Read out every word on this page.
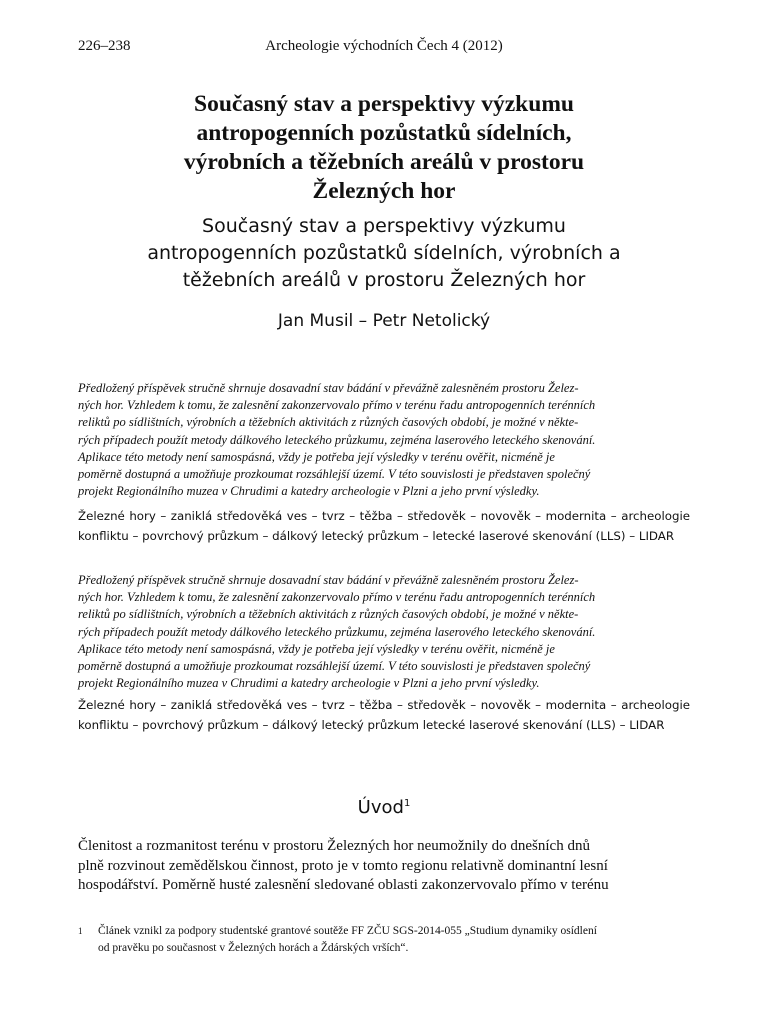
226–238	Archeologie východních Čech 4 (2012)
Současný stav a perspektivy výzkumu
antropogenních pozůstatků sídelních,
výrobních a těžebních areálů v prostoru
Železných hor
Současný stav a perspektivy výzkumu
antropogenních pozůstatků sídelních, výrobních a
těžebních areálů v prostoru Železných hor
Jan Musil – Petr Netolický
Předložený příspěvek stručně shrnuje dosavadní stav bádání v převážně zalesněném prostoru Želez-
ných hor. Vzhledem k tomu, že zalesnění zakonzervovalo přímo v terénu řadu antropogenních terénních
reliktů po sídlištních, výrobních a těžebních aktivitách z různých časových období, je možné v někte-
rých případech použít metody dálkového leteckého průzkumu, zejména laserového leteckého skenování.
Aplikace této metody není samospásná, vždy je potřeba její výsledky v terénu ověřit, nicméně je
poměrně dostupná a umožňuje prozkoumat rozsáhlejší území. V této souvislosti je představen společný
projekt Regionálního muzea v Chrudimi a katedry archeologie v Plzni a jeho první výsledky.
Železné hory – zaniklá středověká ves – tvrz – těžba – středověk – novověk – modernita – archeologie konfliktu – povrchový průzkum – dálkový letecký průzkum – letecké laserové skenování (LLS) – LIDAR
Předložený příspěvek stručně shrnuje dosavadní stav bádání v převážně zalesněném prostoru Želez-
ných hor. Vzhledem k tomu, že zalesnění zakonzervovalo přímo v terénu řadu antropogenních terénních
reliktů po sídlištních, výrobních a těžebních aktivitách z různých časových období, je možné v někte-
rých případech použít metody dálkového leteckého průzkumu, zejména laserového leteckého skenování.
Aplikace této metody není samospásná, vždy je potřeba její výsledky v terénu ověřit, nicméně je
poměrně dostupná a umožňuje prozkoumat rozsáhlejší území. V této souvislosti je představen společný
projekt Regionálního muzea v Chrudimi a katedry archeologie v Plzni a jeho první výsledky.
Železné hory – zaniklá středověká ves – tvrz – těžba – středověk – novověk – modernita – archeologie konfliktu – povrchový průzkum – dálkový letecký průzkum letecké laserové skenování (LLS) – LIDAR
Úvod$^1$
Členitost a rozmanitost terénu v prostoru Železných hor neumožnily do dnešních dnů
plně rozvinout zemědělskou činnost, proto je v tomto regionu relativně dominantní lesní
hospodářství. Poměrně husté zalesnění sledované oblasti zakonzervovalo přímo v terénu
1 Článek vznikl za podpory studentské grantové soutěže FF ZČU SGS-2014-055 „Studium dynamiky osídlení
od pravěku po současnost v Železných horách a Ždárských vrších“.
